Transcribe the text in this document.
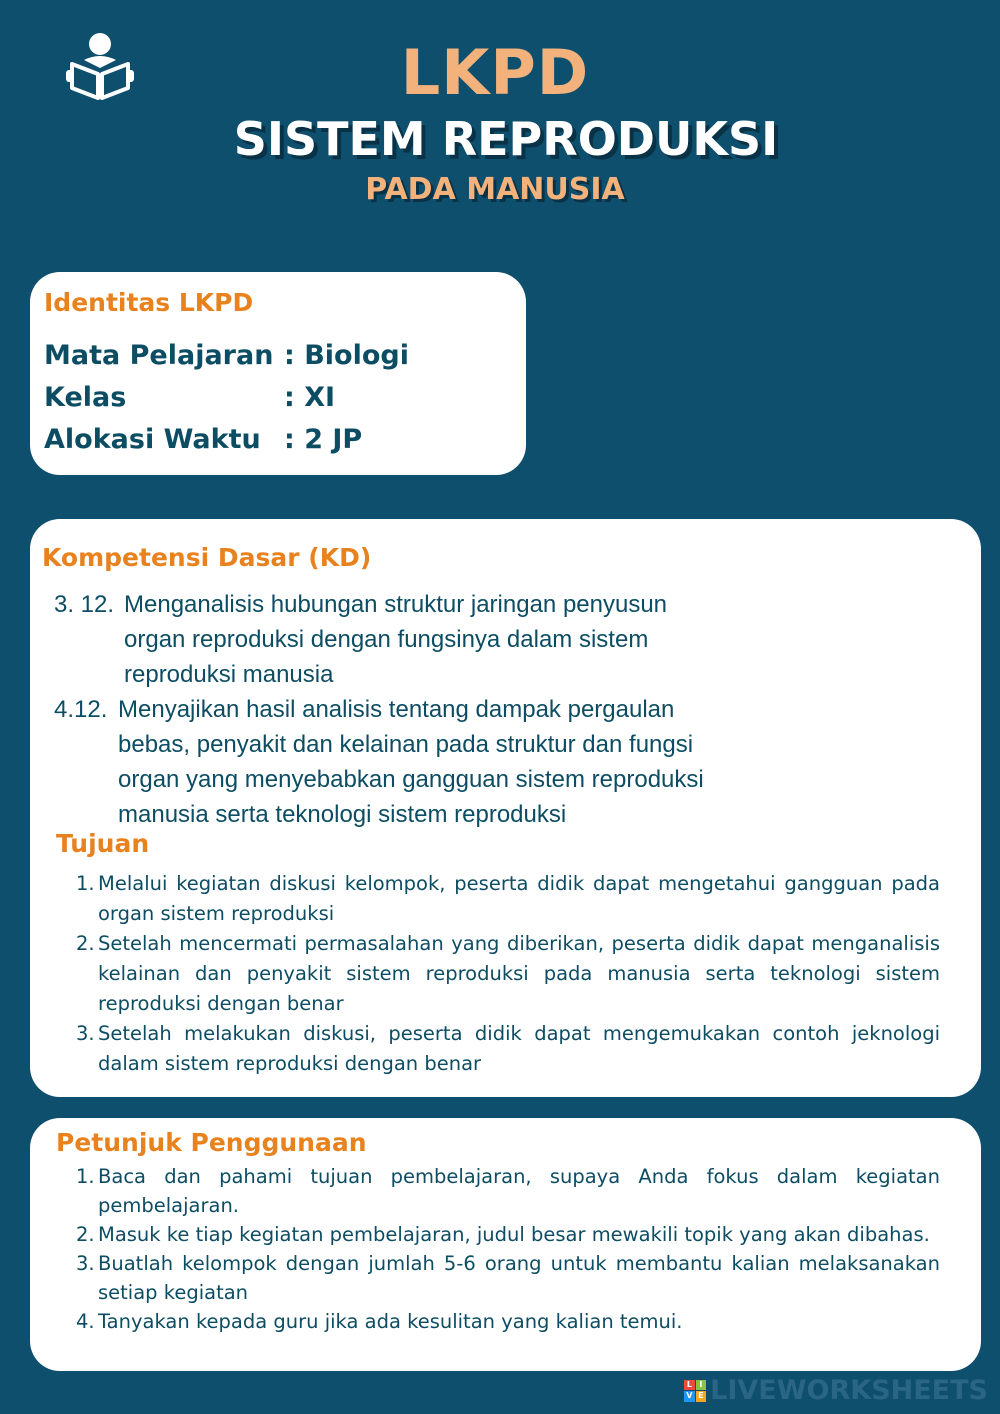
LKPD
SISTEM REPRODUKSI
PADA MANUSIA
Identitas LKPD
Mata Pelajaran : Biologi
Kelas	: XI
Alokasi Waktu : 2 JP
Kompetensi Dasar (KD)
3. 12. Menganalisis hubungan struktur jaringan penyusun
organ reproduksi dengan fungsinya dalam sistem
reproduksi manusia
4.12. Menyajikan hasil analisis tentang dampak pergaulan
bebas, penyakit dan kelainan pada struktur dan fungsi
organ yang menyebabkan gangguan sistem reproduksi
manusia serta teknologi sistem reproduksi
Tujuan
1. Melalui kegiatan diskusi kelompok, peserta didik dapat mengetahui gangguan pada organ sistem reproduksi
2. Setelah mencermati permasalahan yang diberikan, peserta didik dapat menganalisis kelainan dan penyakit sistem reproduksi pada manusia serta teknologi sistem reproduksi dengan benar
3. Setelah melakukan diskusi, peserta didik dapat mengemukakan contoh jeknologi dalam sistem reproduksi dengan benar
Petunjuk Penggunaan
1. Baca dan pahami tujuan pembelajaran, supaya Anda fokus dalam kegiatan pembelajaran.
2. Masuk ke tiap kegiatan pembelajaran, judul besar mewakili topik yang akan dibahas.
3. Buatlah kelompok dengan jumlah 5-6 orang untuk membantu kalian melaksanakan setiap kegiatan
4. Tanyakan kepada guru jika ada kesulitan yang kalian temui.
L I
V E LIVEWORKSHEETS
